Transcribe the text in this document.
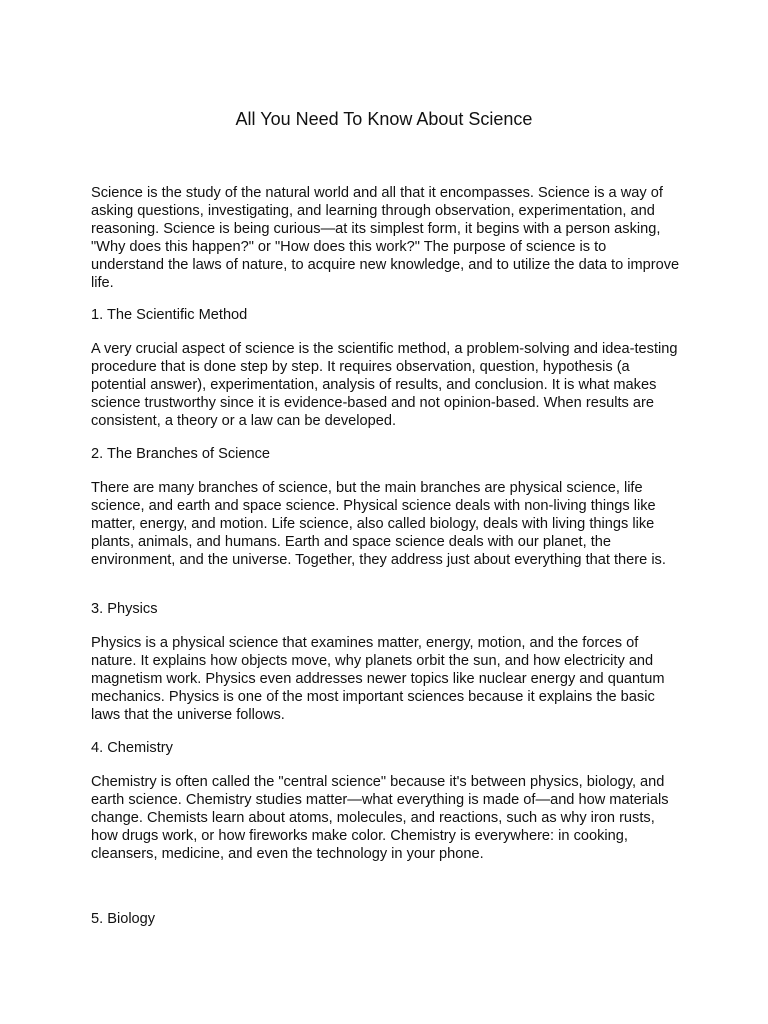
All You Need To Know About Science

Science is the study of the natural world and all that it encompasses. Science is a way of asking questions, investigating, and learning through observation, experimentation, and reasoning. Science is being curious—at its simplest form, it begins with a person asking, "Why does this happen?" or "How does this work?" The purpose of science is to understand the laws of nature, to acquire new knowledge, and to utilize the data to improve life.

1. The Scientific Method

A very crucial aspect of science is the scientific method, a problem-solving and idea-testing procedure that is done step by step. It requires observation, question, hypothesis (a potential answer), experimentation, analysis of results, and conclusion. It is what makes science trustworthy since it is evidence-based and not opinion-based. When results are consistent, a theory or a law can be developed.

2. The Branches of Science

There are many branches of science, but the main branches are physical science, life science, and earth and space science. Physical science deals with non-living things like matter, energy, and motion. Life science, also called biology, deals with living things like plants, animals, and humans. Earth and space science deals with our planet, the environment, and the universe. Together, they address just about everything that there is.

3. Physics

Physics is a physical science that examines matter, energy, motion, and the forces of nature. It explains how objects move, why planets orbit the sun, and how electricity and magnetism work. Physics even addresses newer topics like nuclear energy and quantum mechanics. Physics is one of the most important sciences because it explains the basic laws that the universe follows.

4. Chemistry

Chemistry is often called the "central science" because it's between physics, biology, and earth science. Chemistry studies matter—what everything is made of—and how materials change. Chemists learn about atoms, molecules, and reactions, such as why iron rusts, how drugs work, or how fireworks make color. Chemistry is everywhere: in cooking, cleansers, medicine, and even the technology in your phone.

5. Biology
